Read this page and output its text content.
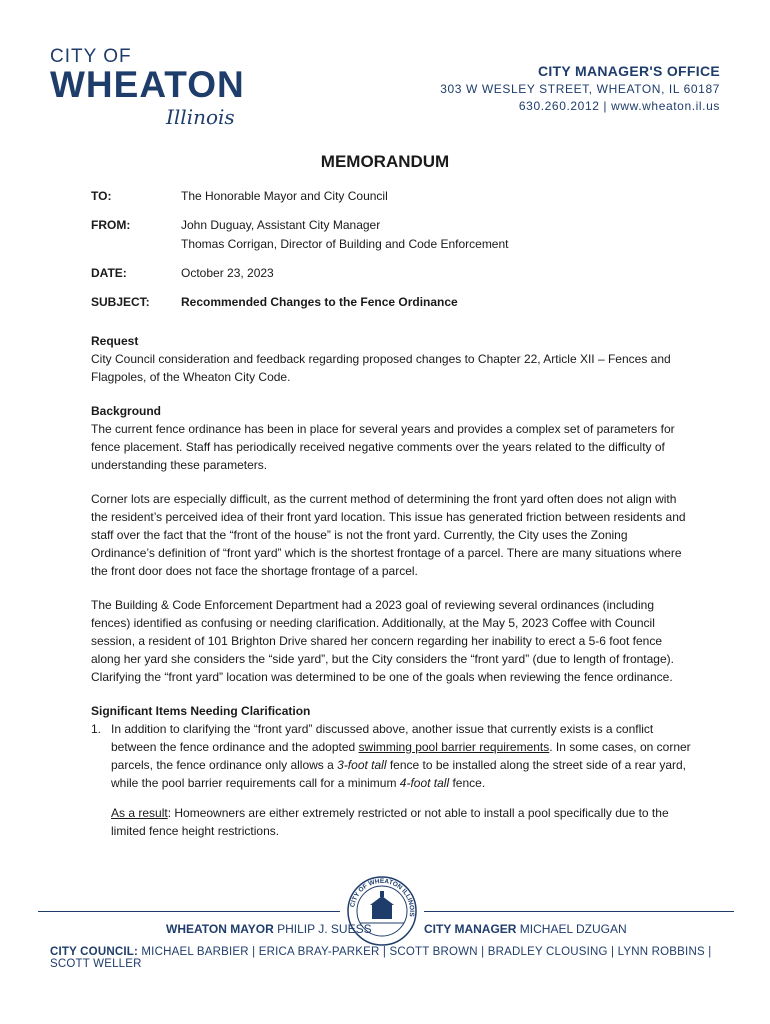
CITY OF
WHEATON
Illinois
CITY MANAGER'S OFFICE
303 W WESLEY STREET, WHEATON, IL 60187
630.260.2012 | www.wheaton.il.us
MEMORANDUM
TO:	The Honorable Mayor and City Council
FROM:	John Duguay, Assistant City Manager
Thomas Corrigan, Director of Building and Code Enforcement
DATE:	October 23, 2023
SUBJECT:	Recommended Changes to the Fence Ordinance

Request
City Council consideration and feedback regarding proposed changes to Chapter 22, Article XII – Fences and Flagpoles, of the Wheaton City Code.

Background
The current fence ordinance has been in place for several years and provides a complex set of parameters for fence placement. Staff has periodically received negative comments over the years related to the difficulty of understanding these parameters.

Corner lots are especially difficult, as the current method of determining the front yard often does not align with the resident’s perceived idea of their front yard location. This issue has generated friction between residents and staff over the fact that the “front of the house” is not the front yard. Currently, the City uses the Zoning Ordinance’s definition of “front yard” which is the shortest frontage of a parcel. There are many situations where the front door does not face the shortage frontage of a parcel.

The Building & Code Enforcement Department had a 2023 goal of reviewing several ordinances (including fences) identified as confusing or needing clarification. Additionally, at the May 5, 2023 Coffee with Council session, a resident of 101 Brighton Drive shared her concern regarding her inability to erect a 5-6 foot fence along her yard she considers the “side yard”, but the City considers the “front yard” (due to length of frontage). Clarifying the “front yard” location was determined to be one of the goals when reviewing the fence ordinance.

Significant Items Needing Clarification
1. In addition to clarifying the “front yard” discussed above, another issue that currently exists is a conflict between the fence ordinance and the adopted swimming pool barrier requirements. In some cases, on corner parcels, the fence ordinance only allows a 3-foot tall fence to be installed along the street side of a rear yard, while the pool barrier requirements call for a minimum 4-foot tall fence.
As a result: Homeowners are either extremely restricted or not able to install a pool specifically due to the limited fence height restrictions.
CITY OF WHEATON ILLINOIS
WHEATON MAYOR PHILIP J. SUESS	CITY MANAGER MICHAEL DZUGAN
CITY COUNCIL: MICHAEL BARBIER | ERICA BRAY-PARKER | SCOTT BROWN | BRADLEY CLOUSING | LYNN ROBBINS | SCOTT WELLER
